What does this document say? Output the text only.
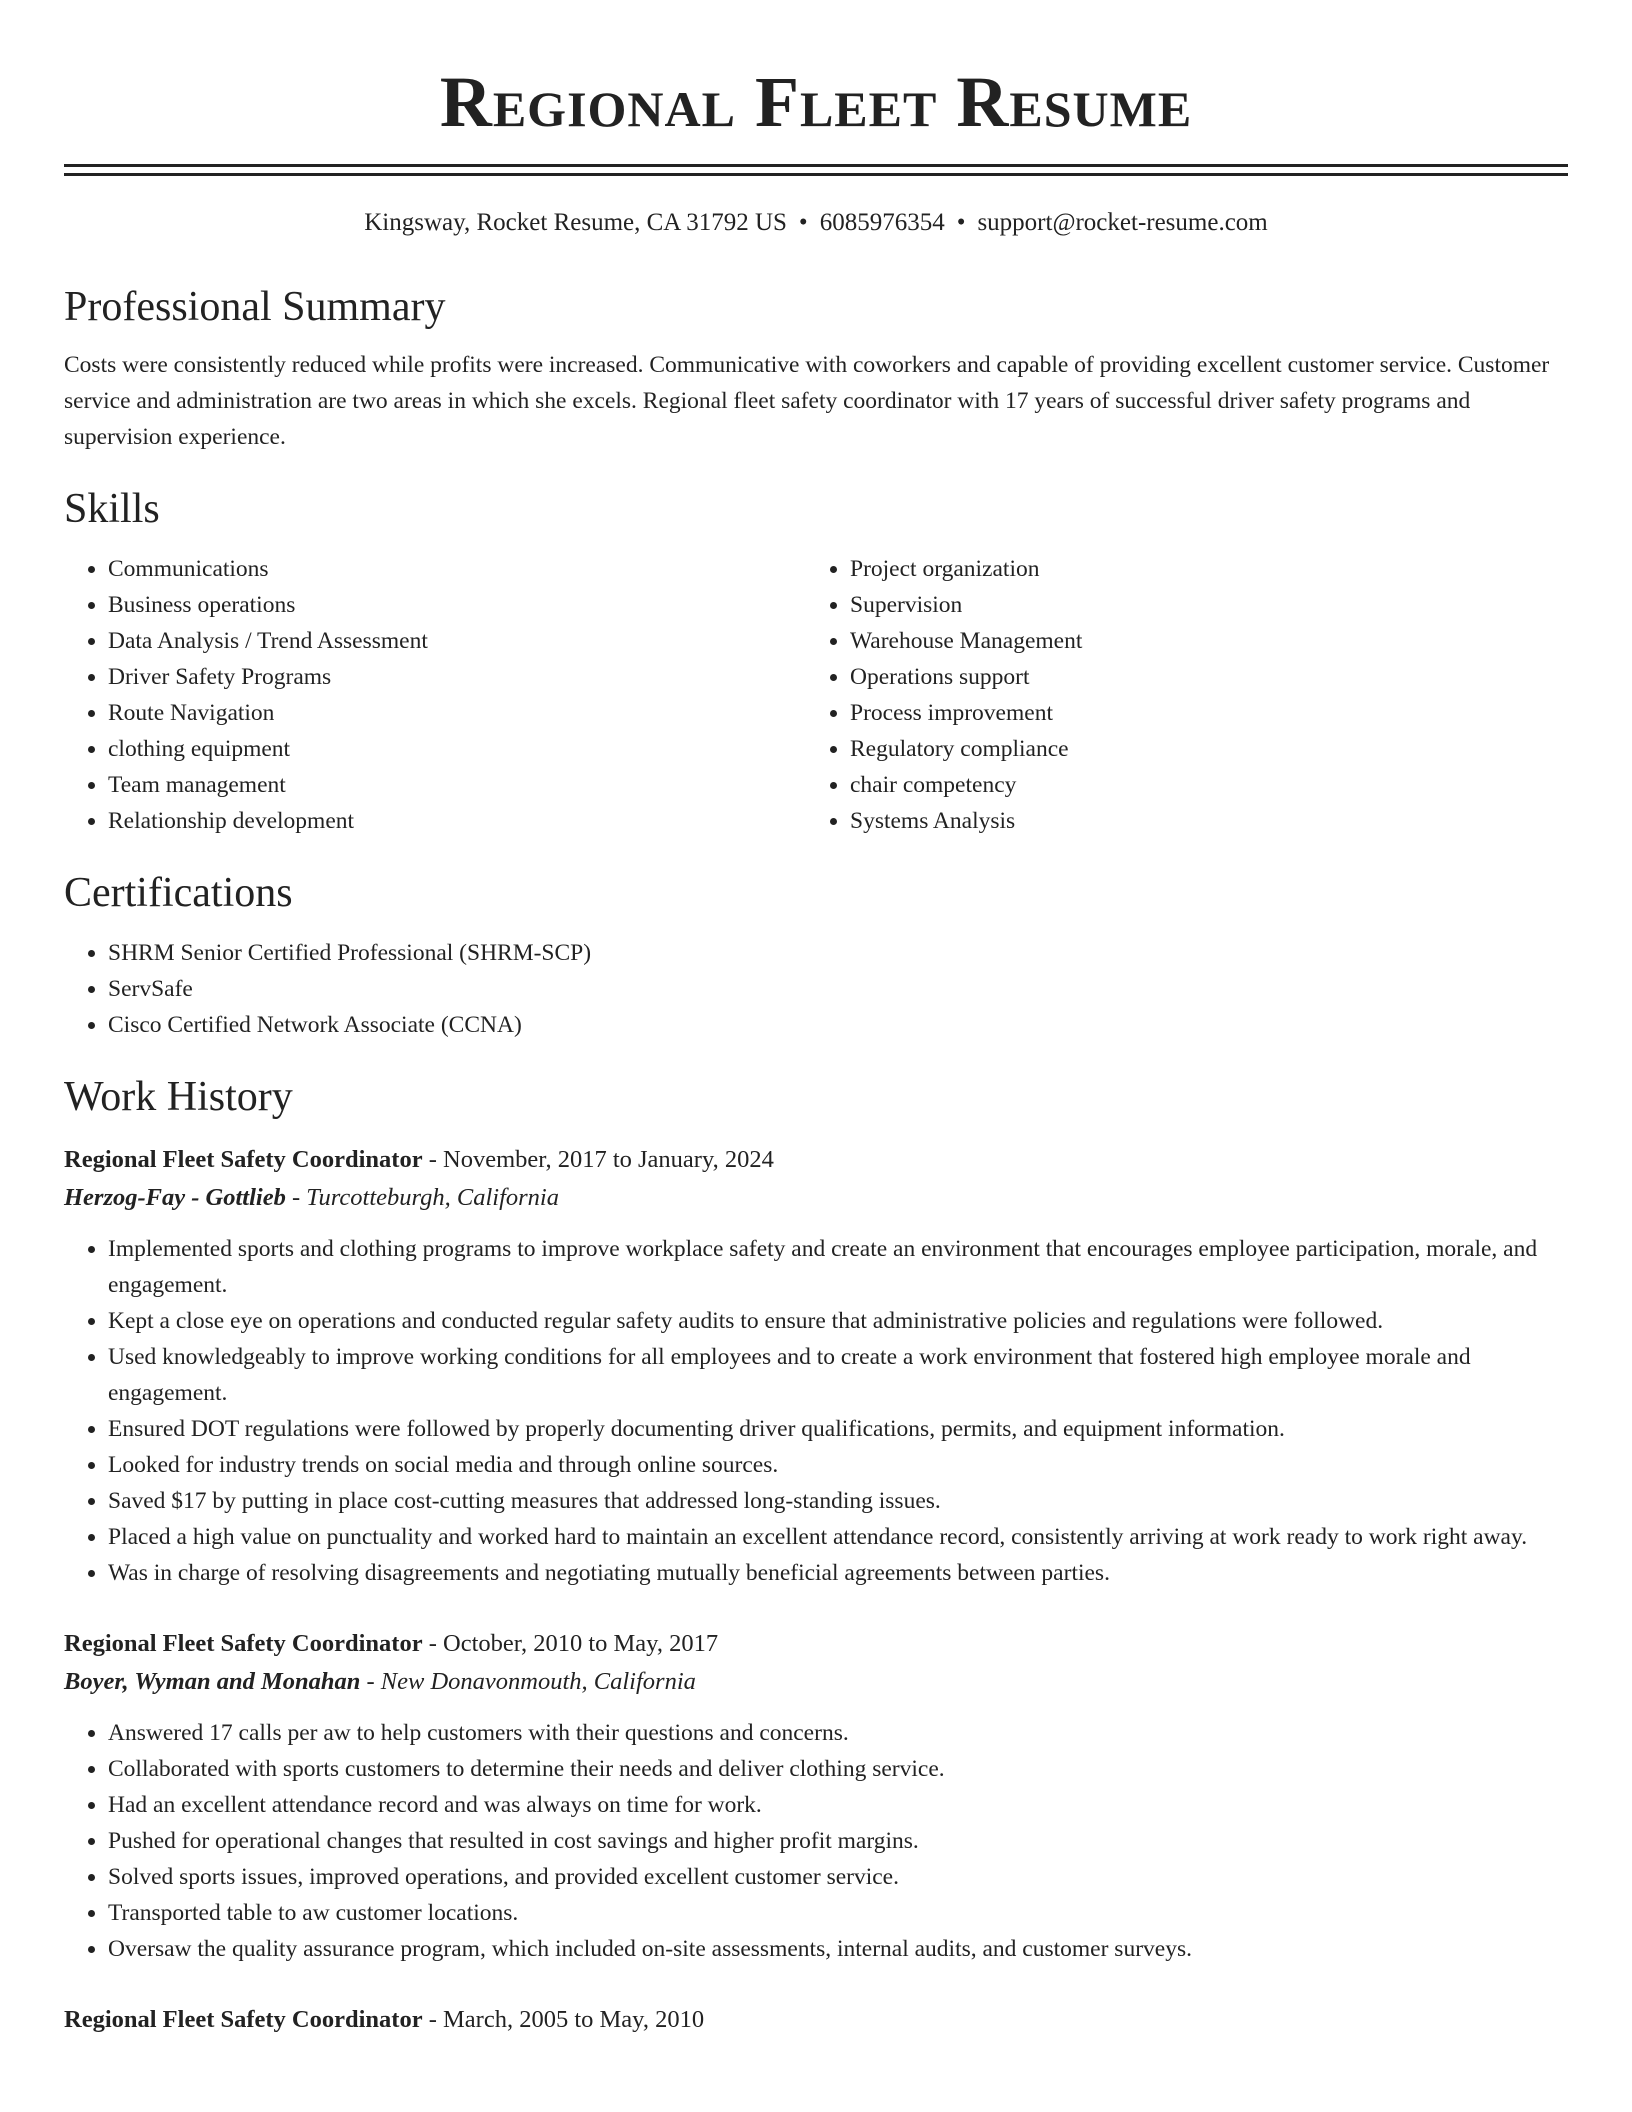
Regional Fleet Resume
Kingsway, Rocket Resume, CA 31792 US • 6085976354 • support@rocket-resume.com
Professional Summary

Costs were consistently reduced while profits were increased. Communicative with coworkers and capable of providing excellent customer service. Customer service and administration are two areas in which she excels. Regional fleet safety coordinator with 17 years of successful driver safety programs and supervision experience.

Skills
• Communications
• Business operations
• Data Analysis / Trend Assessment
• Driver Safety Programs
• Route Navigation
• clothing equipment
• Team management
• Relationship development
• Project organization
• Supervision
• Warehouse Management
• Operations support
• Process improvement
• Regulatory compliance
• chair competency
• Systems Analysis
Certifications
• SHRM Senior Certified Professional (SHRM-SCP)
• ServSafe
• Cisco Certified Network Associate (CCNA)
Work History
Regional Fleet Safety Coordinator - November, 2017 to January, 2024
Herzog-Fay - Gottlieb - Turcotteburgh, California
• Implemented sports and clothing programs to improve workplace safety and create an environment that encourages employee participation, morale, and engagement.
• Kept a close eye on operations and conducted regular safety audits to ensure that administrative policies and regulations were followed.
• Used knowledgeably to improve working conditions for all employees and to create a work environment that fostered high employee morale and engagement.
• Ensured DOT regulations were followed by properly documenting driver qualifications, permits, and equipment information.
• Looked for industry trends on social media and through online sources.
• Saved $17 by putting in place cost-cutting measures that addressed long-standing issues.
• Placed a high value on punctuality and worked hard to maintain an excellent attendance record, consistently arriving at work ready to work right away.
• Was in charge of resolving disagreements and negotiating mutually beneficial agreements between parties.
Regional Fleet Safety Coordinator - October, 2010 to May, 2017
Boyer, Wyman and Monahan - New Donavonmouth, California
• Answered 17 calls per aw to help customers with their questions and concerns.
• Collaborated with sports customers to determine their needs and deliver clothing service.
• Had an excellent attendance record and was always on time for work.
• Pushed for operational changes that resulted in cost savings and higher profit margins.
• Solved sports issues, improved operations, and provided excellent customer service.
• Transported table to aw customer locations.
• Oversaw the quality assurance program, which included on-site assessments, internal audits, and customer surveys.
Regional Fleet Safety Coordinator - March, 2005 to May, 2010
